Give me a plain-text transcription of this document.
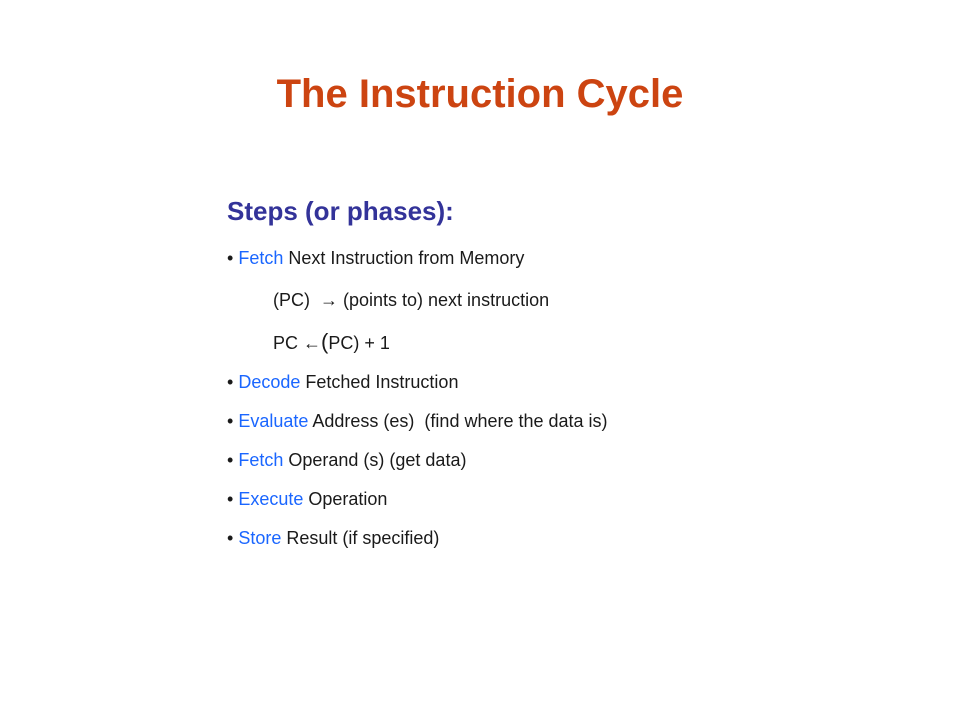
The Instruction Cycle
Steps (or phases):
• Fetch Next Instruction from Memory
(PC)  → (points to) next instruction
PC ←(PC) + 1
• Decode Fetched Instruction
• Evaluate Address (es)  (find where the data is)
• Fetch Operand (s) (get data)
• Execute Operation
• Store Result (if specified)
